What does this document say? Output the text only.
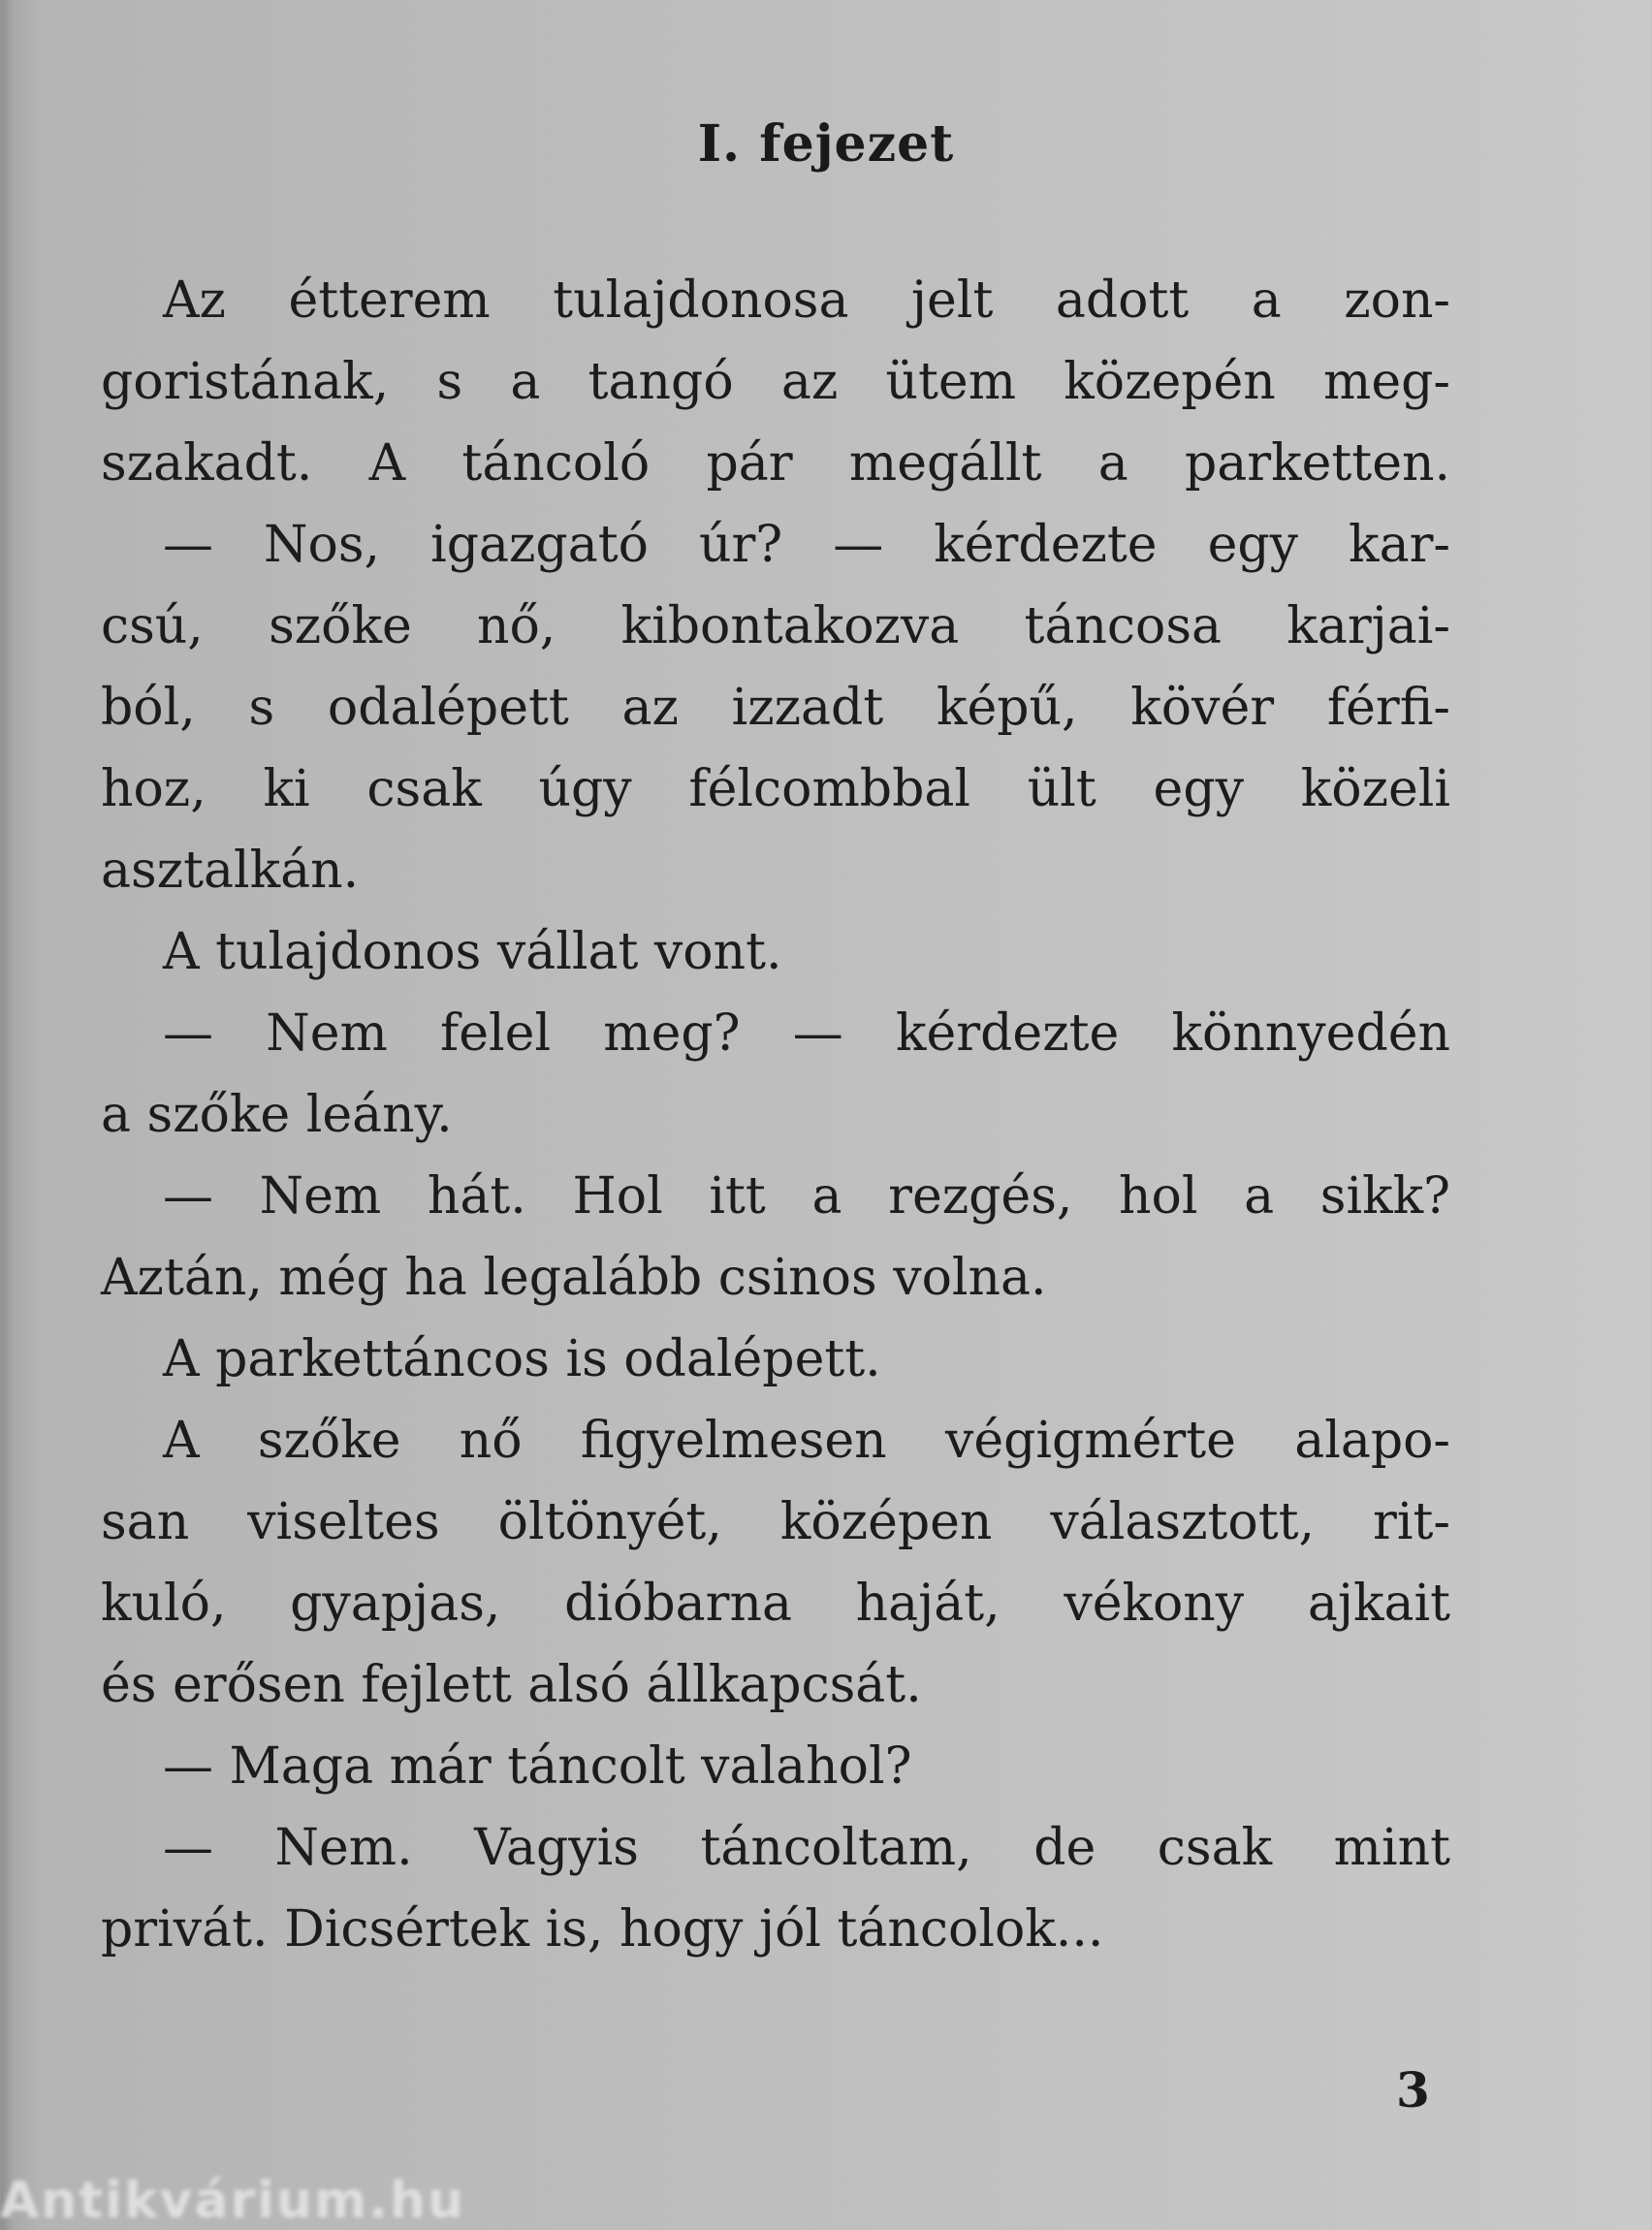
I. fejezet
Az étterem tulajdonosa jelt adott a zon-
goristának, s a tangó az ütem közepén meg-
szakadt. A táncoló pár megállt a parketten.
— Nos, igazgató úr? — kérdezte egy kar-
csú, szőke nő, kibontakozva táncosa karjai-
ból, s odalépett az izzadt képű, kövér férfi-
hoz, ki csak úgy félcombbal ült egy közeli
asztalkán.
A tulajdonos vállat vont.
— Nem felel meg? — kérdezte könnyedén
a szőke leány.
— Nem hát. Hol itt a rezgés, hol a sikk?
Aztán, még ha legalább csinos volna.
A parkettáncos is odalépett.
A szőke nő figyelmesen végigmérte alapo-
san viseltes öltönyét, középen választott, rit-
kuló, gyapjas, dióbarna haját, vékony ajkait
és erősen fejlett alsó állkapcsát.
— Maga már táncolt valahol?
— Nem. Vagyis táncoltam, de csak mint
privát. Dicsértek is, hogy jól táncolok...
3
Antikvárium.hu
